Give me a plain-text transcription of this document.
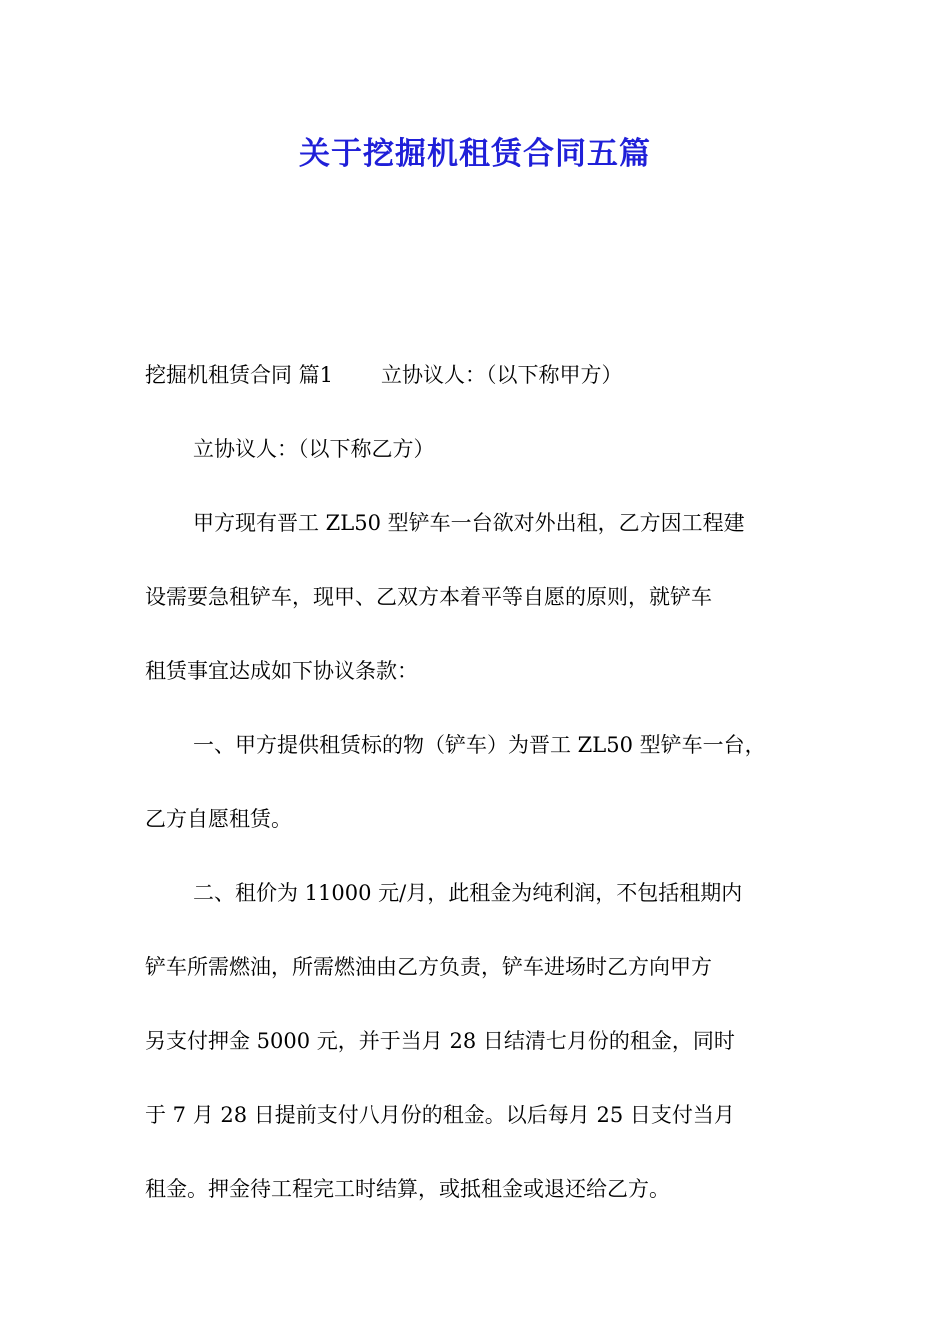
关于挖掘机租赁合同五篇

挖掘机租赁合同 篇1 立协议人：（以下称甲方）

立协议人：（以下称乙方）

甲方现有晋工 ZL50 型铲车一台欲对外出租，乙方因工程建

设需要急租铲车，现甲、乙双方本着平等自愿的原则，就铲车

租赁事宜达成如下协议条款：

一、甲方提供租赁标的物（铲车）为晋工 ZL50 型铲车一台，

乙方自愿租赁。

二、租价为 11000 元/月，此租金为纯利润，不包括租期内

铲车所需燃油，所需燃油由乙方负责，铲车进场时乙方向甲方

另支付押金 5000 元，并于当月 28 日结清七月份的租金，同时

于 7 月 28 日提前支付八月份的租金。以后每月 25 日支付当月

租金。押金待工程完工时结算，或抵租金或退还给乙方。
